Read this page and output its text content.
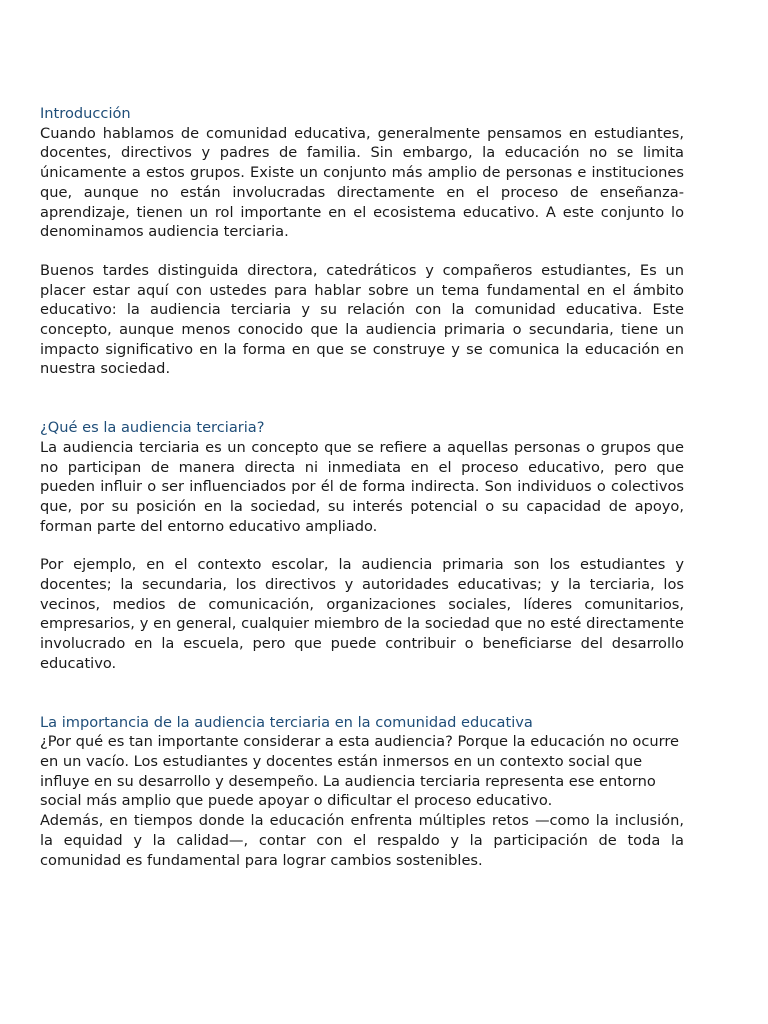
Introducción

Cuando hablamos de comunidad educativa, generalmente pensamos en estudiantes, docentes, directivos y padres de familia. Sin embargo, la educación no se limita únicamente a estos grupos. Existe un conjunto más amplio de personas e instituciones que, aunque no están involucradas directamente en el proceso de enseñanza-aprendizaje, tienen un rol importante en el ecosistema educativo. A este conjunto lo denominamos audiencia terciaria.

Buenos tardes distinguida directora, catedráticos y compañeros estudiantes, Es un placer estar aquí con ustedes para hablar sobre un tema fundamental en el ámbito educativo: la audiencia terciaria y su relación con la comunidad educativa. Este concepto, aunque menos conocido que la audiencia primaria o secundaria, tiene un impacto significativo en la forma en que se construye y se comunica la educación en nuestra sociedad.

¿Qué es la audiencia terciaria?

La audiencia terciaria es un concepto que se refiere a aquellas personas o grupos que no participan de manera directa ni inmediata en el proceso educativo, pero que pueden influir o ser influenciados por él de forma indirecta. Son individuos o colectivos que, por su posición en la sociedad, su interés potencial o su capacidad de apoyo, forman parte del entorno educativo ampliado.

Por ejemplo, en el contexto escolar, la audiencia primaria son los estudiantes y docentes; la secundaria, los directivos y autoridades educativas; y la terciaria, los vecinos, medios de comunicación, organizaciones sociales, líderes comunitarios, empresarios, y en general, cualquier miembro de la sociedad que no esté directamente involucrado en la escuela, pero que puede contribuir o beneficiarse del desarrollo educativo.

La importancia de la audiencia terciaria en la comunidad educativa

¿Por qué es tan importante considerar a esta audiencia? Porque la educación no ocurre en un vacío. Los estudiantes y docentes están inmersos en un contexto social que influye en su desarrollo y desempeño. La audiencia terciaria representa ese entorno social más amplio que puede apoyar o dificultar el proceso educativo.

Además, en tiempos donde la educación enfrenta múltiples retos —como la inclusión, la equidad y la calidad—, contar con el respaldo y la participación de toda la comunidad es fundamental para lograr cambios sostenibles.
